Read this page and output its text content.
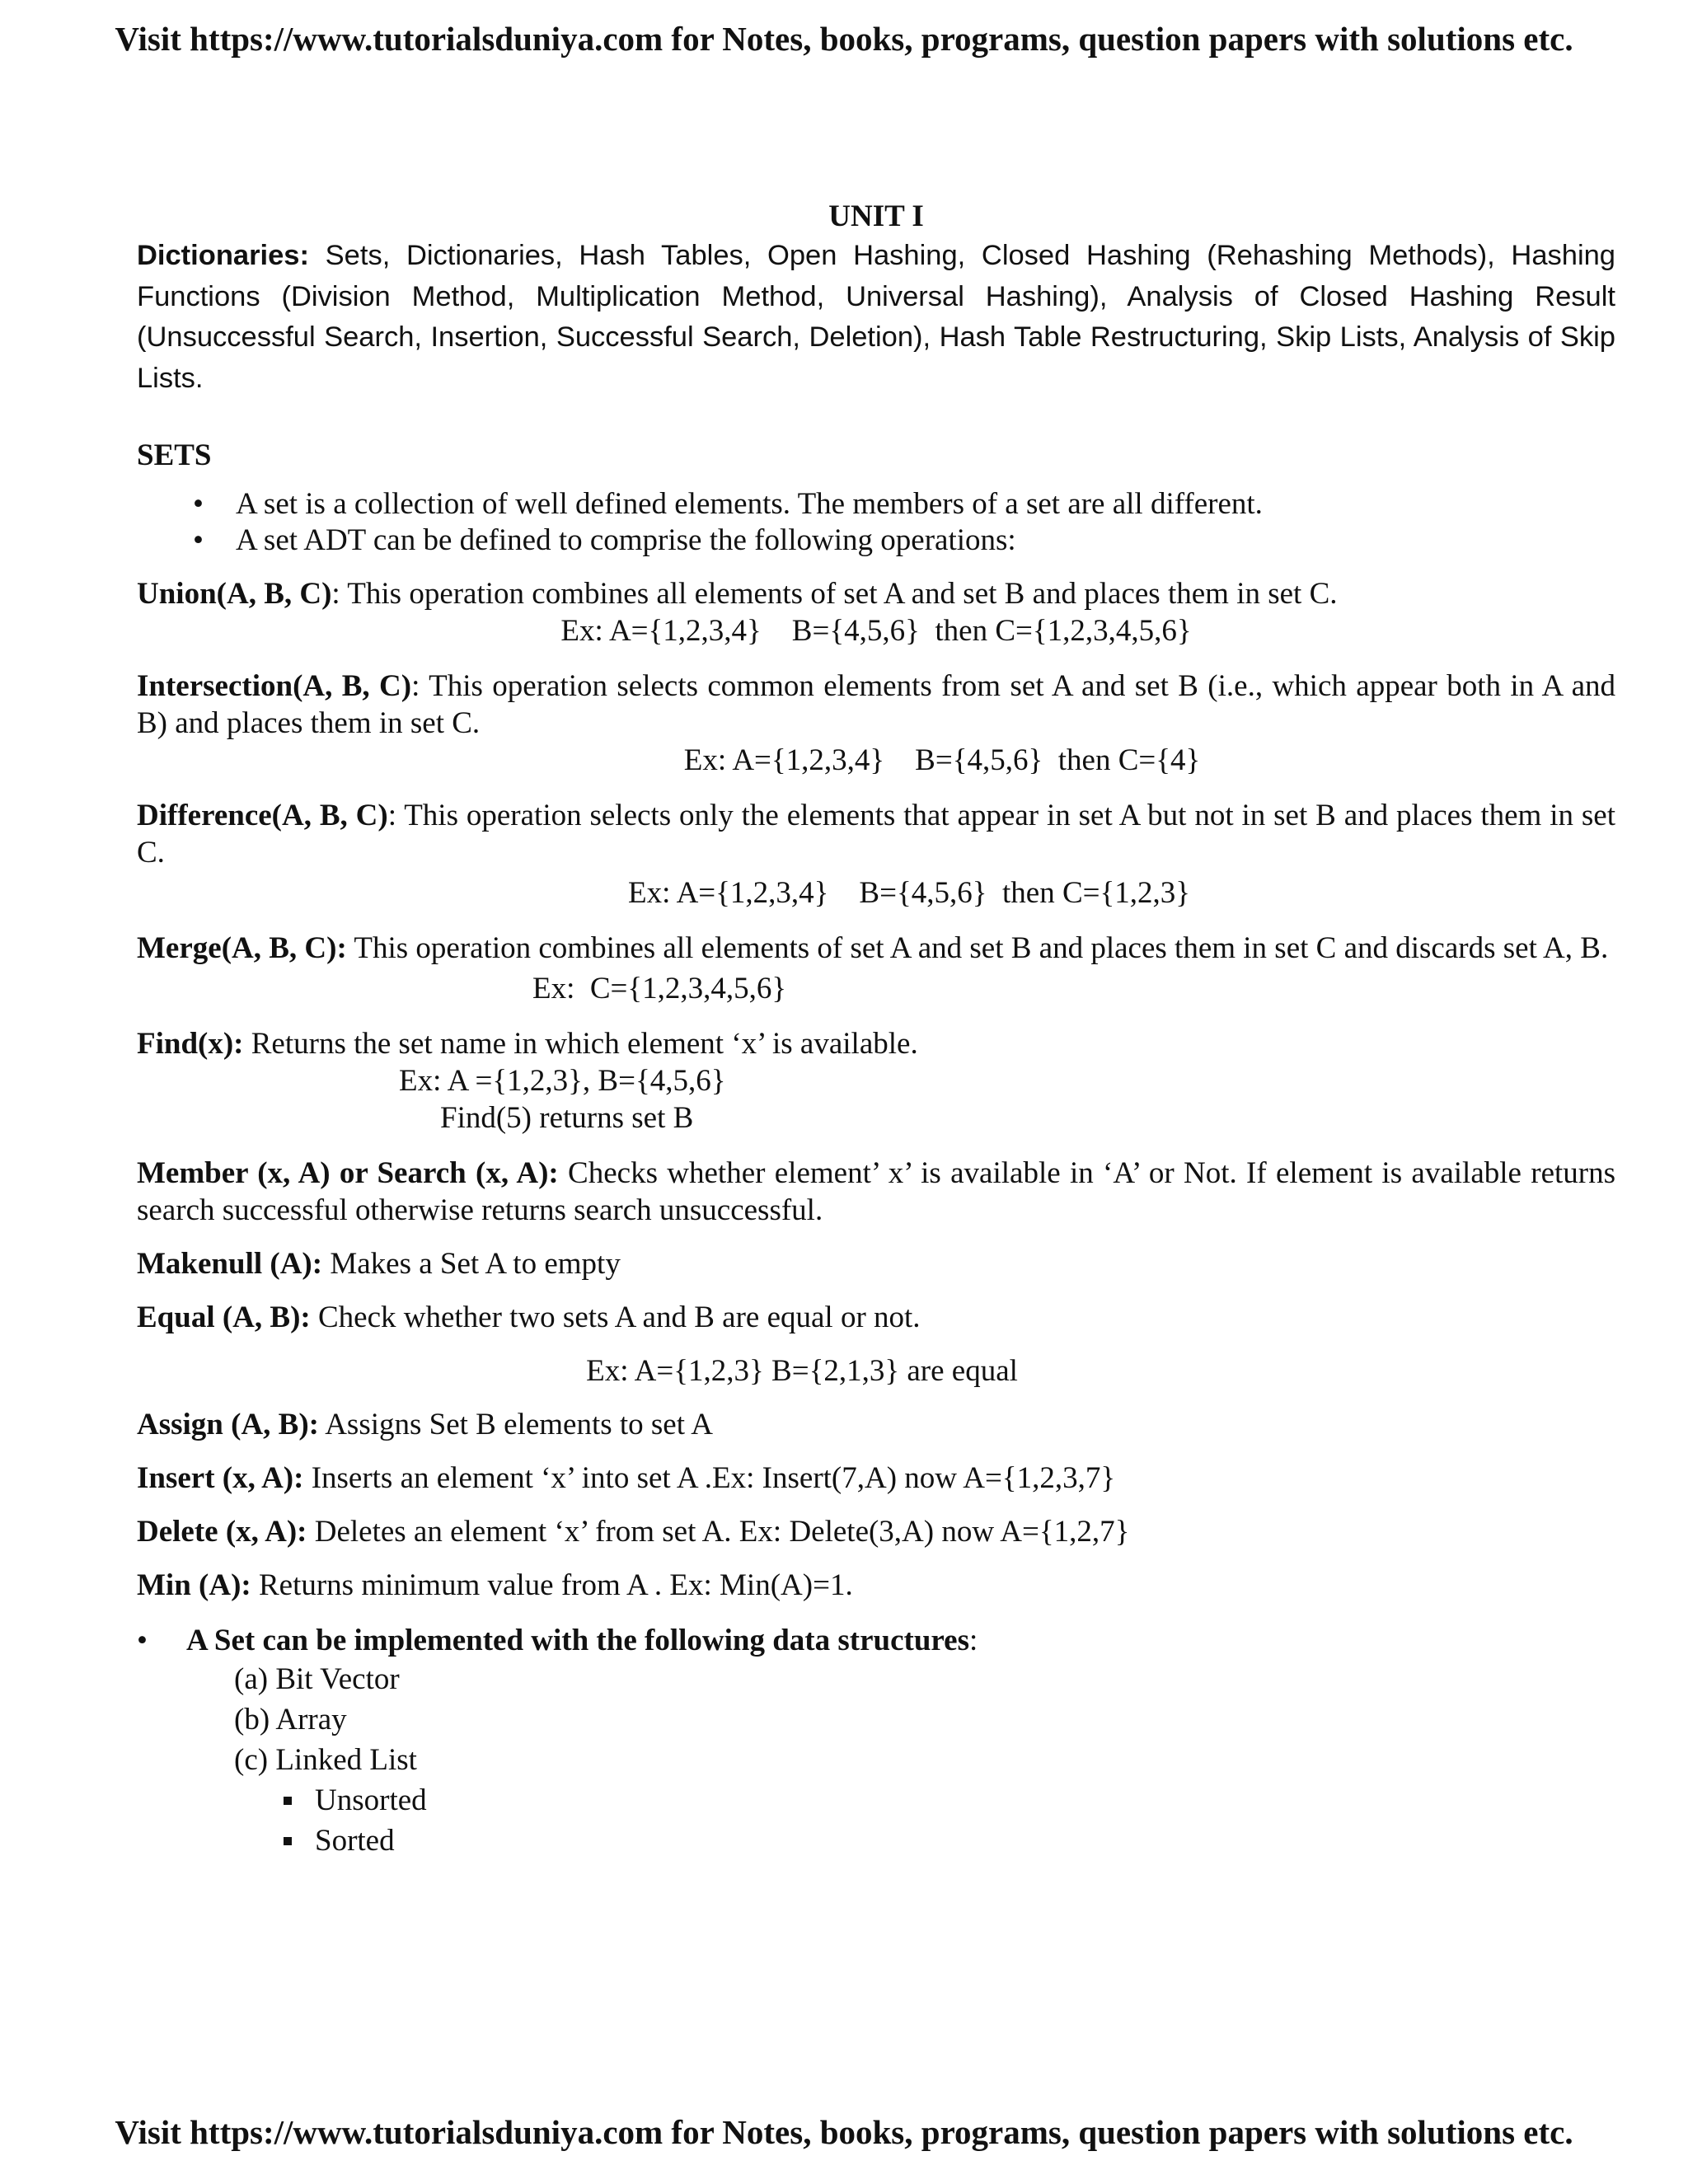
Visit https://www.tutorialsduniya.com for Notes, books, programs, question papers with solutions etc.

UNIT I

Dictionaries: Sets, Dictionaries, Hash Tables, Open Hashing, Closed Hashing (Rehashing Methods), Hashing Functions (Division Method, Multiplication Method, Universal Hashing), Analysis of Closed Hashing Result (Unsuccessful Search, Insertion, Successful Search, Deletion), Hash Table Restructuring, Skip Lists, Analysis of Skip Lists.

SETS

• A set is a collection of well defined elements. The members of a set are all different.
• A set ADT can be defined to comprise the following operations:

Union(A, B, C): This operation combines all elements of set A and set B and places them in set C.

Ex: A={1,2,3,4}    B={4,5,6}  then C={1,2,3,4,5,6}

Intersection(A, B, C): This operation selects common elements from set A and set B (i.e., which appear both in A and B) and places them in set C.

Ex: A={1,2,3,4}    B={4,5,6}  then C={4}

Difference(A, B, C): This operation selects only the elements that appear in set A but not in set B and places them in set C.

Ex: A={1,2,3,4}    B={4,5,6}  then C={1,2,3}

Merge(A, B, C): This operation combines all elements of set A and set B and places them in set C and discards set A, B.

Ex:  C={1,2,3,4,5,6}

Find(x): Returns the set name in which element ‘x’ is available.

Ex: A ={1,2,3}, B={4,5,6}

Find(5) returns set B

Member (x, A) or Search (x, A): Checks whether element’ x’ is available in ‘A’ or Not. If element is available returns search successful otherwise returns search unsuccessful.

Makenull (A): Makes a Set A to empty

Equal (A, B): Check whether two sets A and B are equal or not.

Ex: A={1,2,3} B={2,1,3} are equal

Assign (A, B): Assigns Set B elements to set A

Insert (x, A): Inserts an element ‘x’ into set A .Ex: Insert(7,A) now A={1,2,3,7}

Delete (x, A): Deletes an element ‘x’ from set A. Ex: Delete(3,A) now A={1,2,7}

Min (A): Returns minimum value from A . Ex: Min(A)=1.

• A Set can be implemented with the following data structures:
(a) Bit Vector
(b) Array
(c) Linked List
Unsorted
Sorted
Visit https://www.tutorialsduniya.com for Notes, books, programs, question papers with solutions etc.
